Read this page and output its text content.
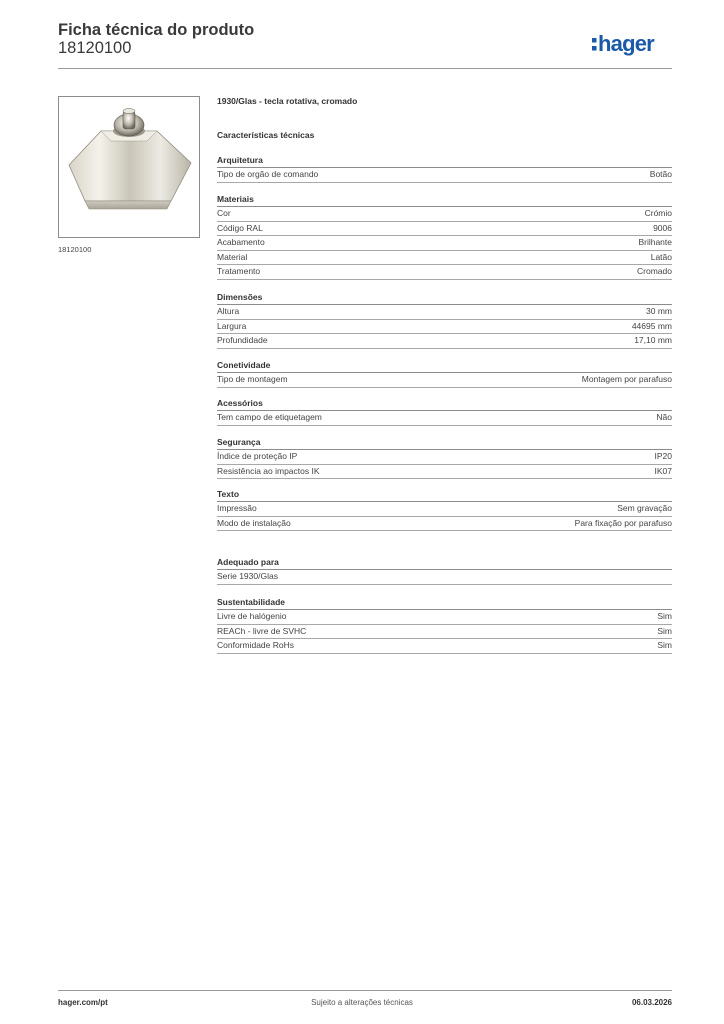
Ficha técnica do produto
18120100	hager
18120100
1930/Glas - tecla rotativa, cromado
Características técnicas
Arquitetura
Tipo de orgão de comando	Botão
Materiais
Cor	Crómio
Código RAL	9006
Acabamento	Brilhante
Material	Latão
Tratamento	Cromado
Dimensões
Altura	30 mm
Largura	44695 mm
Profundidade	17,10 mm
Conetividade
Tipo de montagem	Montagem por parafuso
Acessórios
Tem campo de etiquetagem	Não
Segurança
Índice de proteção IP	IP20
Resistência ao impactos IK	IK07
Texto
Impressão	Sem gravação
Modo de instalação	Para fixação por parafuso
Adequado para
Serie 1930/Glas
Sustentabilidade
Livre de halógenio	Sim
REACh - livre de SVHC	Sim
Conformidade RoHs	Sim
hager.com/pt	Sujeito a alterações técnicas	06.03.2026
